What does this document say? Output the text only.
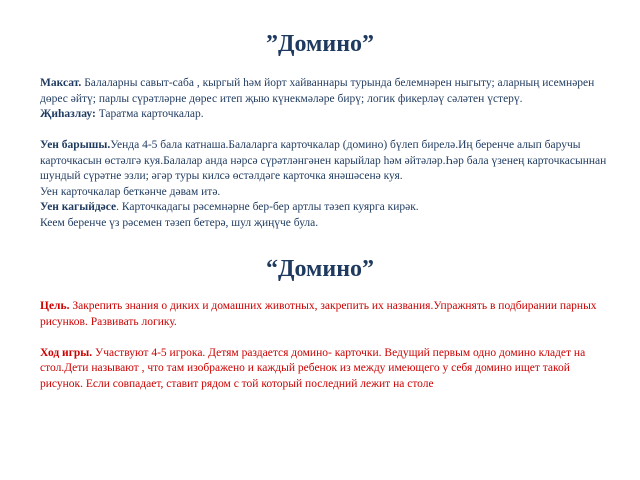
”Домино”

Максат. Балаларны савыт-саба , кыргый һәм йорт хайваннары турында белемнәрен ныгыту; аларның исемнәрен дөрес әйтү; парлы сүрәтләрне дөрес итеп җыю күнекмәләре бирү; логик фикерләү сәләтен үстерү.

Җиһазлау: Таратма карточкалар.

Уен барышы.Уенда 4-5 бала катнаша.Балаларга карточкалар (домино) бүлеп бирелә.Иң беренче алып баручы карточкасын өстәлгә куя.Балалар анда нәрсә сүрәтләнгәнен карыйлар һәм әйтәләр.Һәр бала үзенең карточкасыннан шундый сүрәтне эзли; әгәр туры килсә өстәлдәге карточка янәшәсенә куя.

Уен карточкалар беткәнче дәвам итә.

Уен кагыйдәсе. Карточкадагы рәсемнәрне бер-бер артлы тәзеп куярга кирәк.

Кеем беренче үз рәсемен тәзеп бетерә, шул җиңүче була.

“Домино”

Цель. Закрепить знания о диких и домашних животных, закрепить их названия.Упражнять в подбирании парных рисунков. Развивать логику.

Ход игры. Участвуют 4-5 игрока. Детям раздается домино- карточки. Ведущий первым одно домино кладет на стол.Дети называют , что там изображено и каждый ребенок из между имеющего у себя домино ищет такой рисунок. Если совпадает, ставит рядом с той который последний лежит на столе
